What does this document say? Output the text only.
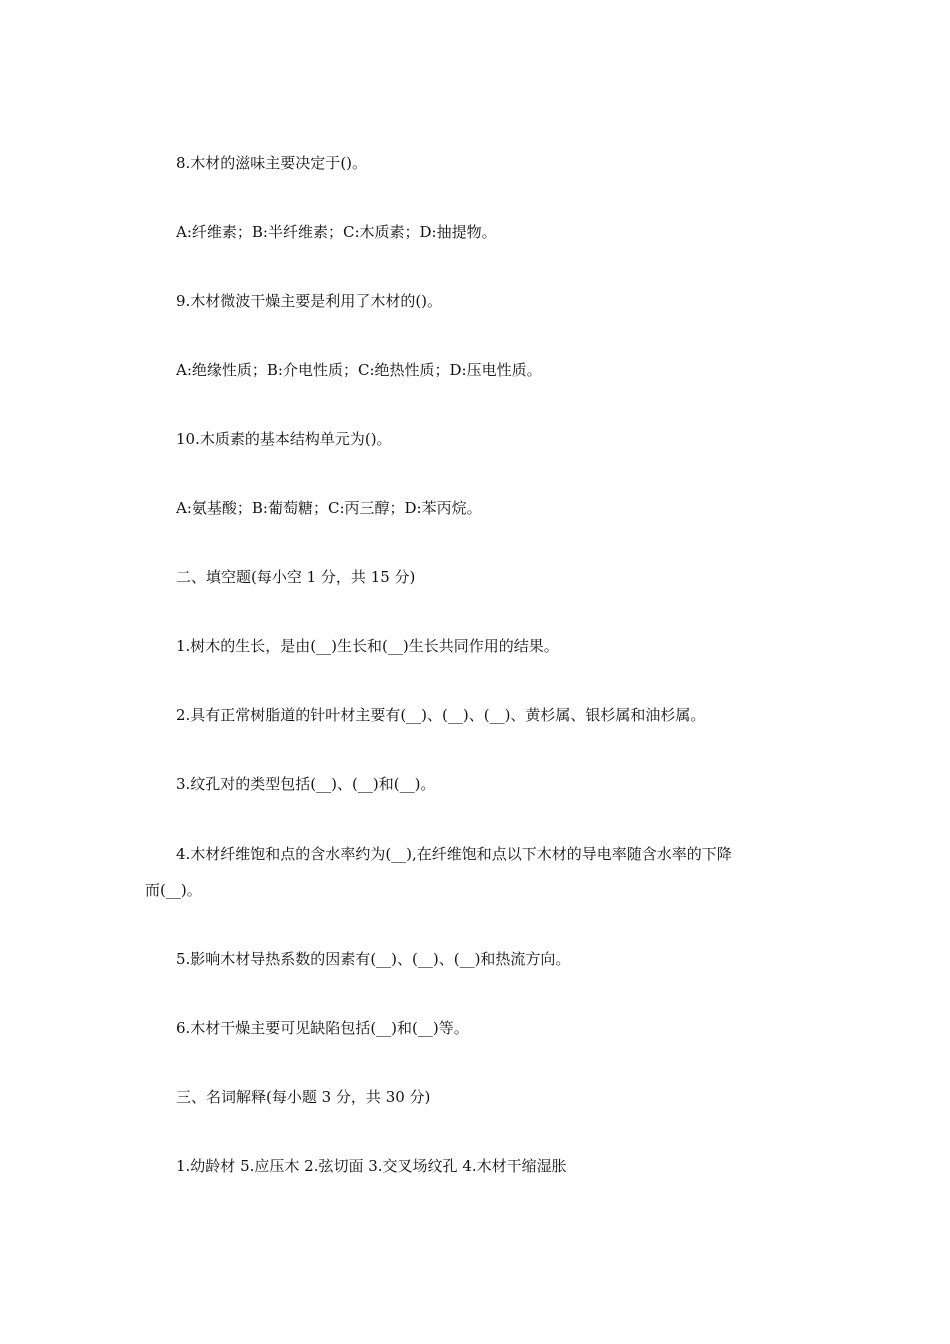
8.木材的滋味主要决定于()。
A:纤维素；B:半纤维素；C:木质素；D:抽提物。
9.木材微波干燥主要是利用了木材的()。
A:绝缘性质；B:介电性质；C:绝热性质；D:压电性质。
10.木质素的基本结构单元为()。
A:氨基酸；B:葡萄糖；C:丙三醇；D:苯丙烷。
二、填空题(每小空 1 分，共 15 分)
1.树木的生长，是由(__)生长和(__)生长共同作用的结果。
2.具有正常树脂道的针叶材主要有(__)、(__)、(__)、黄杉属、银杉属和油杉属。
3.纹孔对的类型包括(__)、(__)和(__)。
4.木材纤维饱和点的含水率约为(__),在纤维饱和点以下木材的导电率随含水率的下降
而(__)。
5.影响木材导热系数的因素有(__)、(__)、(__)和热流方向。
6.木材干燥主要可见缺陷包括(__)和(__)等。
三、名词解释(每小题 3 分，共 30 分)
1.幼龄材 5.应压木 2.弦切面 3.交叉场纹孔 4.木材干缩湿胀
